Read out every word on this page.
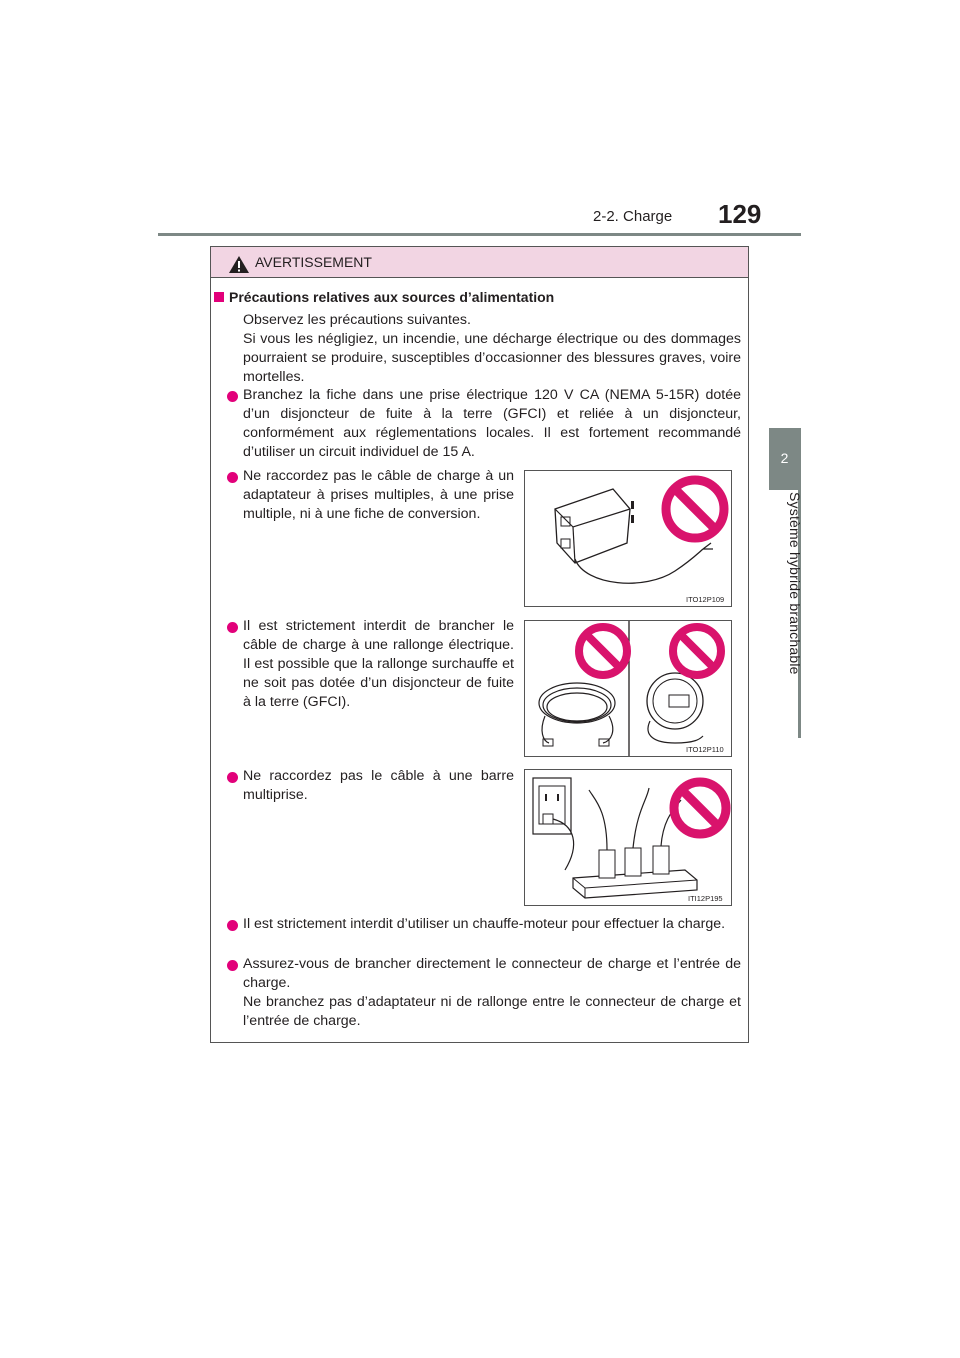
2-2. Charge 129
2
Système hybride branchable
AVERTISSEMENT
Précautions relatives aux sources d’alimentation
Observez les précautions suivantes.
Si vous les négligiez, un incendie, une décharge électrique ou des dommages pourraient se produire, susceptibles d’occasionner des blessures graves, voire mortelles.
Branchez la fiche dans une prise électrique 120 V CA (NEMA 5-15R) dotée d’un disjoncteur de fuite à la terre (GFCI) et reliée à un disjoncteur, conformément aux réglementations locales. Il est fortement recommandé d’utiliser un circuit individuel de 15 A.
Ne raccordez pas le câble de charge à un adaptateur à prises multiples, à une prise multiple, ni à une fiche de conversion.
ITO12P109
Il est strictement interdit de brancher le câble de charge à une rallonge électrique. Il est possible que la rallonge surchauffe et ne soit pas dotée d’un disjoncteur de fuite à la terre (GFCI).
ITO12P110
Ne raccordez pas le câble à une barre multiprise.
ITI12P195
Il est strictement interdit d’utiliser un chauffe-moteur pour effectuer la charge.
Assurez-vous de brancher directement le connecteur de charge et l’entrée de charge.
Ne branchez pas d’adaptateur ni de rallonge entre le connecteur de charge et l’entrée de charge.
